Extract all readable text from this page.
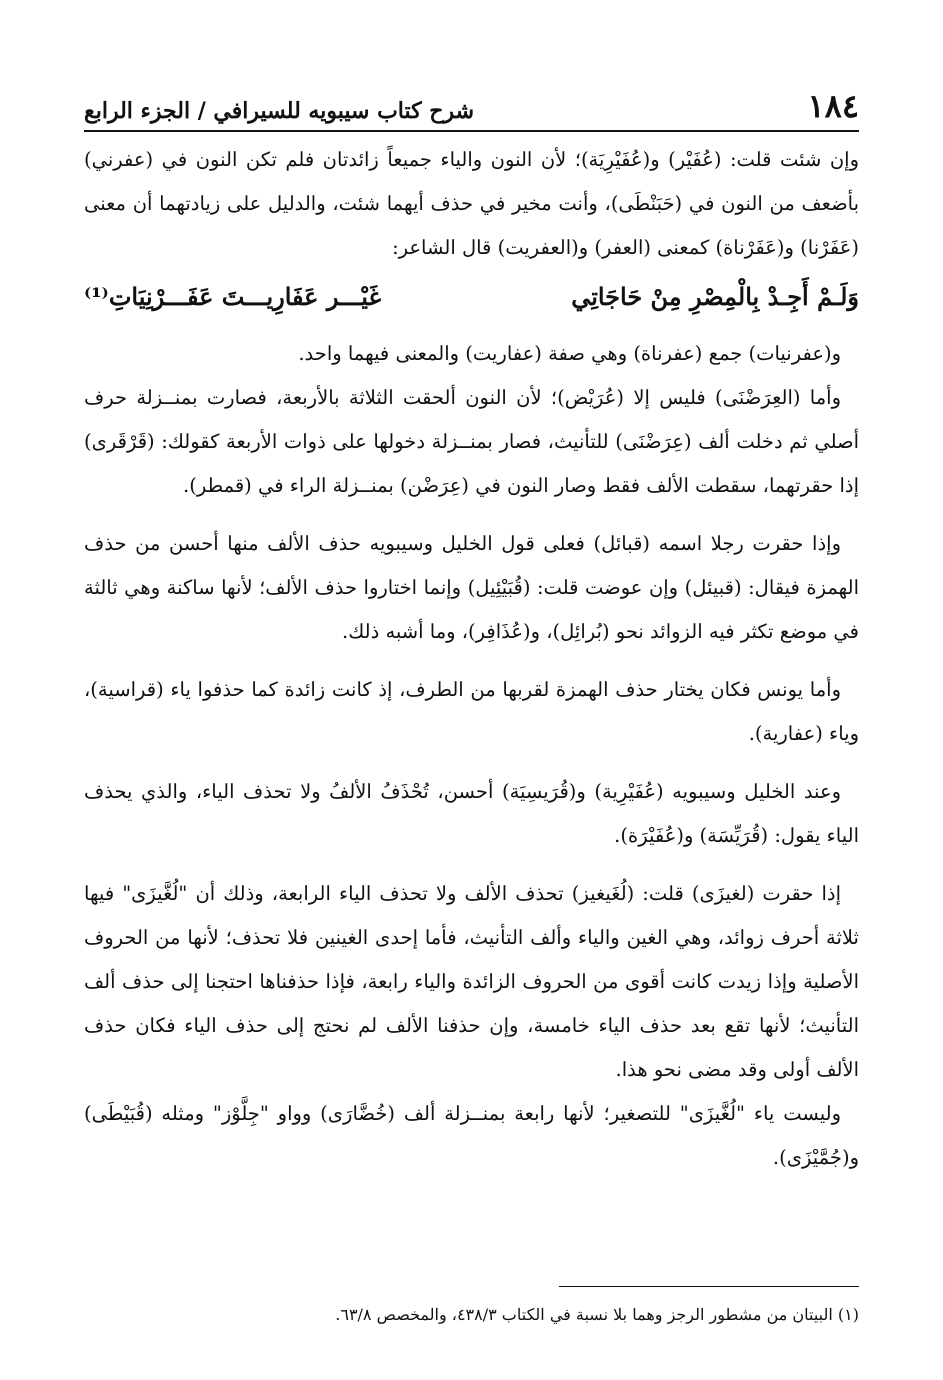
١٨٤
شرح كتاب سيبويه للسيرافي / الجزء الرابع

وإن شئت قلت: (عُفَيْر) و(عُفَيْرِيَة)؛ لأن النون والياء جميعاً زائدتان فلم تكن النون في (عفرني) بأضعف من النون في (حَبَنْطَى)، وأنت مخير في حذف أيهما شئت، والدليل على زيادتهما أن معنى (عَفَرْنا) و(عَفَرْناة) كمعنى (العفر) و(العفريت) قال الشاعر:

وَلَـمْ أَجِـدْ بِالْمِصْرِ مِنْ حَاجَاتِي
غَيْـــر عَفَارِيـــتَ عَفَـــرْنِيَاتِ⁽¹⁾

و(عفرنيات) جمع (عفرناة) وهي صفة (عفاريت) والمعنى فيهما واحد.

وأما (العِرَضْنَى) فليس إلا (عُرَيْض)؛ لأن النون ألحقت الثلاثة بالأربعة، فصارت بمنــزلة حرف أصلي ثم دخلت ألف (عِرَضْنَى) للتأنيث، فصار بمنــزلة دخولها على ذوات الأربعة كقولك: (قَرْقَرى) إذا حقرتهما، سقطت الألف فقط وصار النون في (عِرَضْن) بمنــزلة الراء في (قمطر).

وإذا حقرت رجلا اسمه (قبائل) فعلى قول الخليل وسيبويه حذف الألف منها أحسن من حذف الهمزة فيقال: (قبيئل) وإن عوضت قلت: (قُبَيْئِيل) وإنما اختاروا حذف الألف؛ لأنها ساكنة وهي ثالثة في موضع تكثر فيه الزوائد نحو (بُرائِل)، و(عُذَافِر)، وما أشبه ذلك.

وأما يونس فكان يختار حذف الهمزة لقربها من الطرف، إذ كانت زائدة كما حذفوا ياء (قراسية)، وياء (عفارية).

وعند الخليل وسيبويه (عُفَيْرِية) و(قُرَيسِيَة) أحسن، تُحْذَفُ الألفُ ولا تحذف الياء، والذي يحذف الياء يقول: (قُرَيِّسَة) و(عُفَيْرَة).

إذا حقرت (لغيزَى) قلت: (لُغَيغيز) تحذف الألف ولا تحذف الياء الرابعة، وذلك أن "لُغَّيزَى" فيها ثلاثة أحرف زوائد، وهي الغين والياء وألف التأنيث، فأما إحدى الغينين فلا تحذف؛ لأنها من الحروف الأصلية وإذا زيدت كانت أقوى من الحروف الزائدة والياء رابعة، فإذا حذفناها احتجنا إلى حذف ألف التأنيث؛ لأنها تقع بعد حذف الياء خامسة، وإن حذفنا الألف لم نحتج إلى حذف الياء فكان حذف الألف أولى وقد مضى نحو هذا.

وليست ياء "لُغَّيزَى" للتصغير؛ لأنها رابعة بمنــزلة ألف (خُضَّارَى) وواو "جِلَّوْز" ومثله (قُبَيْطَى) و(جُمَّيْزَى).

(١) البيتان من مشطور الرجز وهما بلا نسبة في الكتاب ٤٣٨/٣، والمخصص ٦٣/٨.
